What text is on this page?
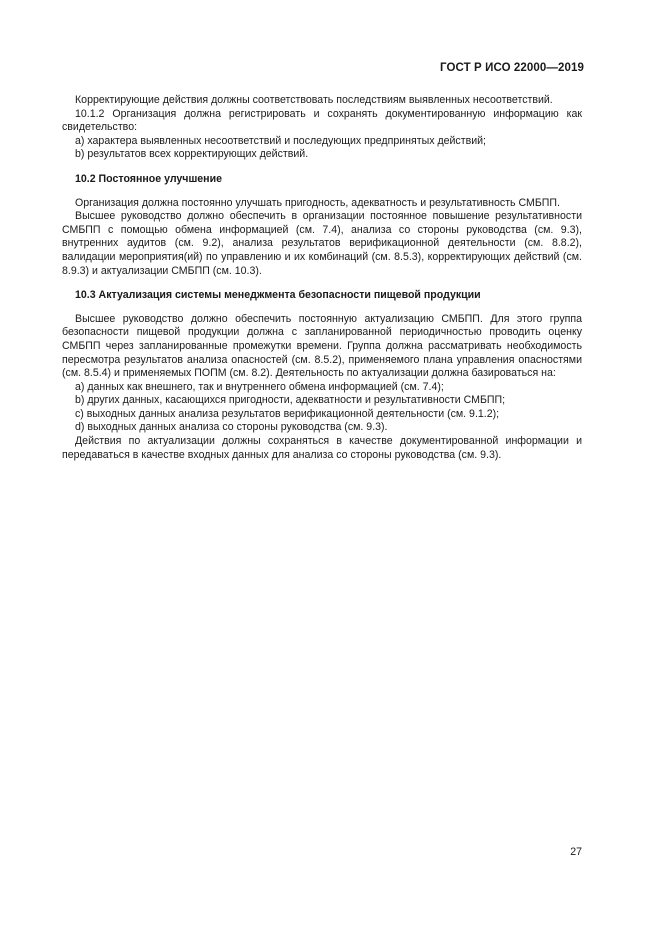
ГОСТ Р ИСО 22000—2019

Корректирующие действия должны соответствовать последствиям выявленных несоответствий.

10.1.2 Организация должна регистрировать и сохранять документированную информацию как свидетельство:

a) характера выявленных несоответствий и последующих предпринятых действий;

b) результатов всех корректирующих действий.

10.2 Постоянное улучшение

Организация должна постоянно улучшать пригодность, адекватность и результативность СМБПП.

Высшее руководство должно обеспечить в организации постоянное повышение результативности СМБПП с помощью обмена информацией (см. 7.4), анализа со стороны руководства (см. 9.3), внутренних аудитов (см. 9.2), анализа результатов верификационной деятельности (см. 8.8.2), валидации мероприятия(ий) по управлению и их комбинаций (см. 8.5.3), корректирующих действий (см. 8.9.3) и актуализации СМБПП (см. 10.3).

10.3 Актуализация системы менеджмента безопасности пищевой продукции

Высшее руководство должно обеспечить постоянную актуализацию СМБПП. Для этого группа безопасности пищевой продукции должна с запланированной периодичностью проводить оценку СМБПП через запланированные промежутки времени. Группа должна рассматривать необходимость пересмотра результатов анализа опасностей (см. 8.5.2), применяемого плана управления опасностями (см. 8.5.4) и применяемых ПОПМ (см. 8.2). Деятельность по актуализации должна базироваться на:

a) данных как внешнего, так и внутреннего обмена информацией (см. 7.4);

b) других данных, касающихся пригодности, адекватности и результативности СМБПП;

c) выходных данных анализа результатов верификационной деятельности (см. 9.1.2);

d) выходных данных анализа со стороны руководства (см. 9.3).

Действия по актуализации должны сохраняться в качестве документированной информации и передаваться в качестве входных данных для анализа со стороны руководства (см. 9.3).

27
